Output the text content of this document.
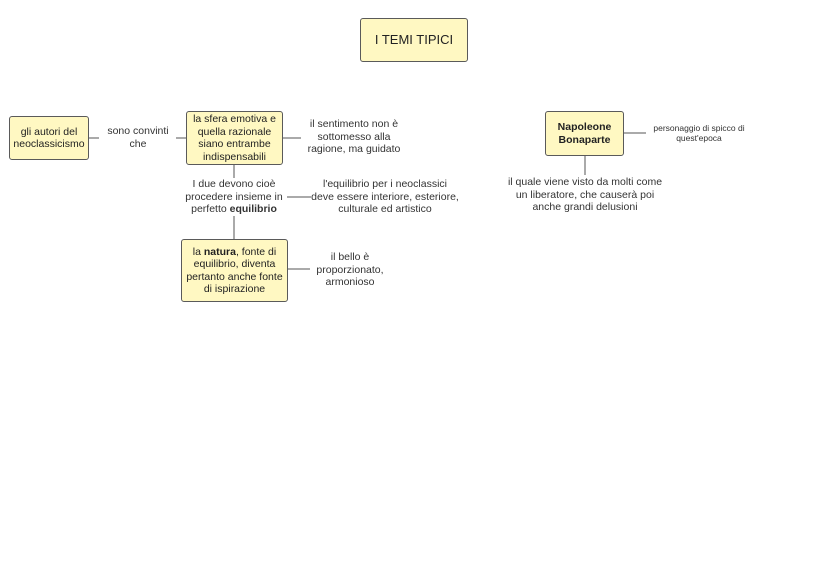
I TEMI TIPICI
gli autori del neoclassicismo
sono convinti che
la sfera emotiva e quella razionale siano entrambe indispensabili
il sentimento non è sottomesso alla ragione, ma guidato
I due devono cioè procedere insieme in perfetto equilibrio
l'equilibrio per i neoclassici deve essere interiore, esteriore, culturale ed artistico
la natura, fonte di equilibrio, diventa pertanto anche fonte di ispirazione
il bello è proporzionato, armonioso
Napoleone Bonaparte
personaggio di spicco di quest'epoca
il quale viene visto da molti come un liberatore, che causerà poi anche grandi delusioni
